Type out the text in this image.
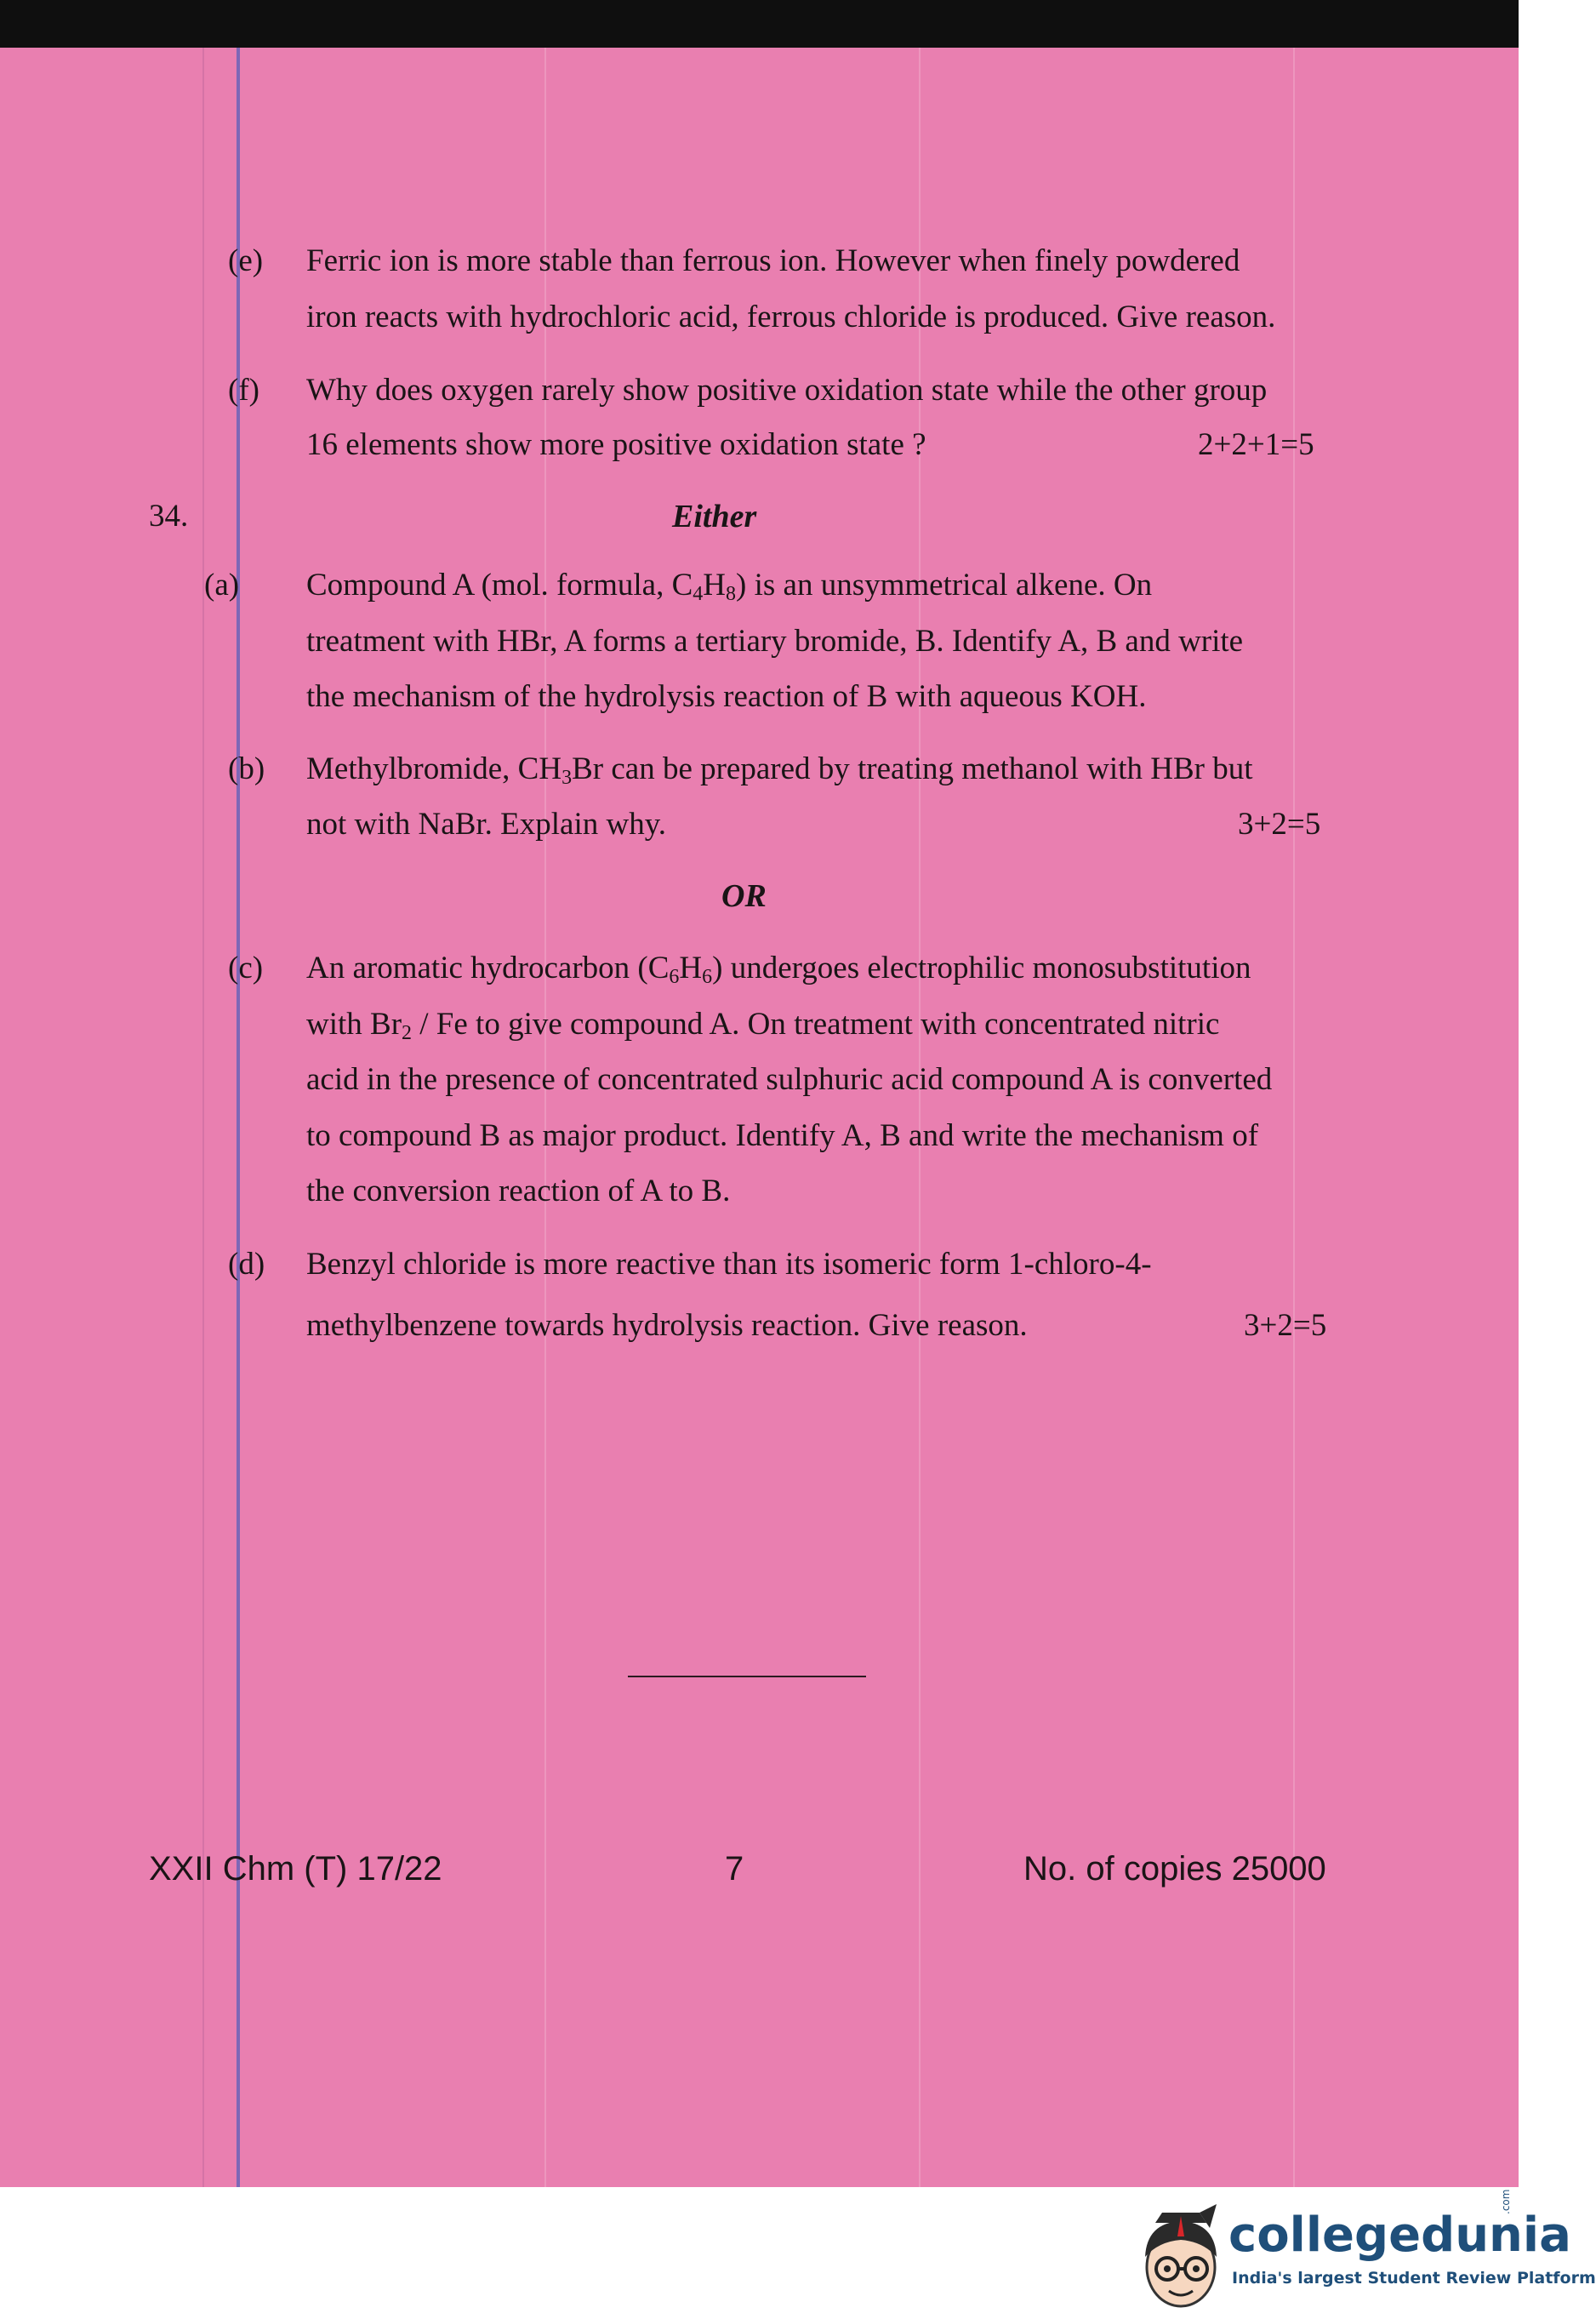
(e) Ferric ion is more stable than ferrous ion. However when finely powdered
iron reacts with hydrochloric acid, ferrous chloride is produced. Give reason.
(f) Why does oxygen rarely show positive oxidation state while the other group
16 elements show more positive oxidation state ?	2+2+1=5
34.	Either
(a) Compound A (mol. formula, $C_4H_8$) is an unsymmetrical alkene. On
treatment with HBr, A forms a tertiary bromide, B. Identify A, B and write
the mechanism of the hydrolysis reaction of B with aqueous KOH.
(b) Methylbromide, $CH_3Br$ can be prepared by treating methanol with HBr but
not with NaBr. Explain why.	3+2=5
OR
(c) An aromatic hydrocarbon $(C_6H_6)$ undergoes electrophilic monosubstitution
with $Br_2$ / Fe to give compound A. On treatment with concentrated nitric
acid in the presence of concentrated sulphuric acid compound A is converted
to compound B as major product. Identify A, B and write the mechanism of
the conversion reaction of A to B.
(d) Benzyl chloride is more reactive than its isomeric form 1-chloro-4-
methylbenzene towards hydrolysis reaction. Give reason.	3+2=5
XXII Chm (T) 17/22	7	No. of copies 25000
collegedunia
India's largest Student Review Platform
.com
